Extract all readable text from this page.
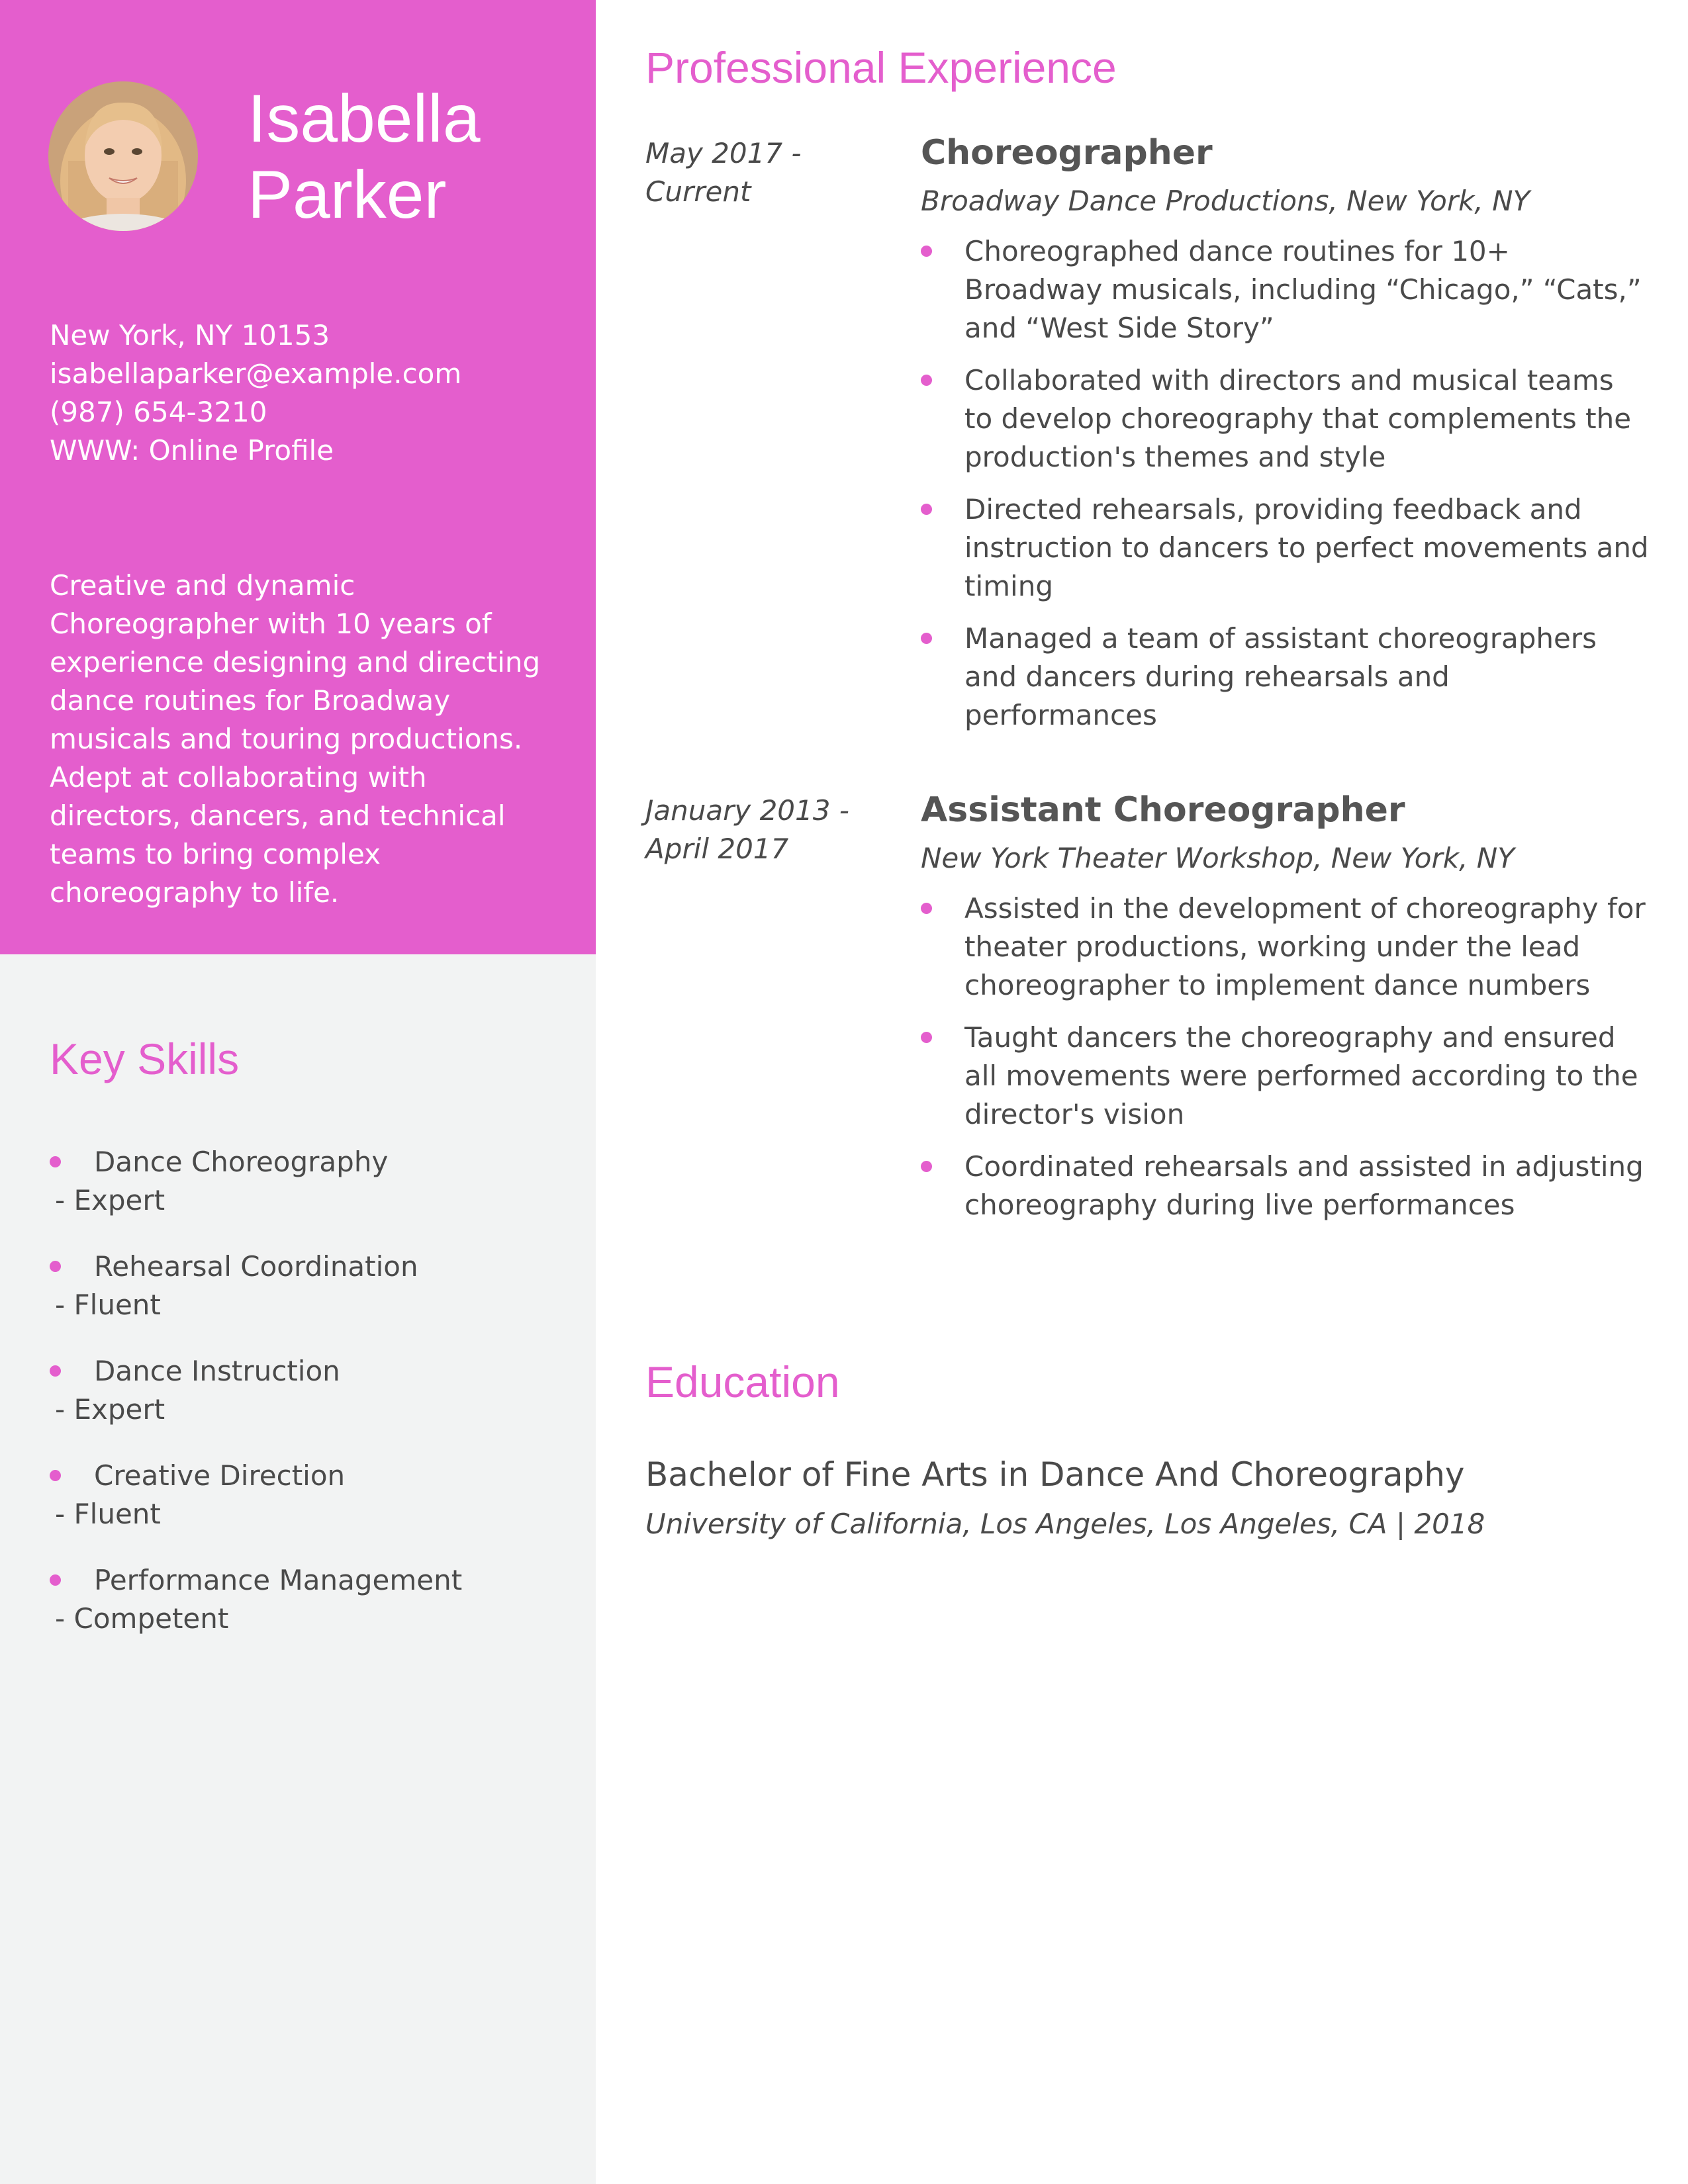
Isabella Parker
New York, NY 10153
isabellaparker@example.com
(987) 654-3210
WWW: Online Profile
Creative and dynamic Choreographer with 10 years of experience designing and directing dance routines for Broadway musicals and touring productions. Adept at collaborating with directors, dancers, and technical teams to bring complex choreography to life.
Key Skills
Dance Choreography
- Expert
Rehearsal Coordination
- Fluent
Dance Instruction
- Expert
Creative Direction
- Fluent
Performance Management
- Competent
Professional Experience
May 2017 - Current
Choreographer
Broadway Dance Productions, New York, NY
Choreographed dance routines for 10+ Broadway musicals, including “Chicago,” “Cats,” and “West Side Story”
Collaborated with directors and musical teams to develop choreography that complements the production's themes and style
Directed rehearsals, providing feedback and instruction to dancers to perfect movements and timing
Managed a team of assistant choreographers and dancers during rehearsals and performances
January 2013 - April 2017
Assistant Choreographer
New York Theater Workshop, New York, NY
Assisted in the development of choreography for theater productions, working under the lead choreographer to implement dance numbers
Taught dancers the choreography and ensured all movements were performed according to the director's vision
Coordinated rehearsals and assisted in adjusting choreography during live performances
Education
Bachelor of Fine Arts in Dance And Choreography
University of California, Los Angeles, Los Angeles, CA | 2018
